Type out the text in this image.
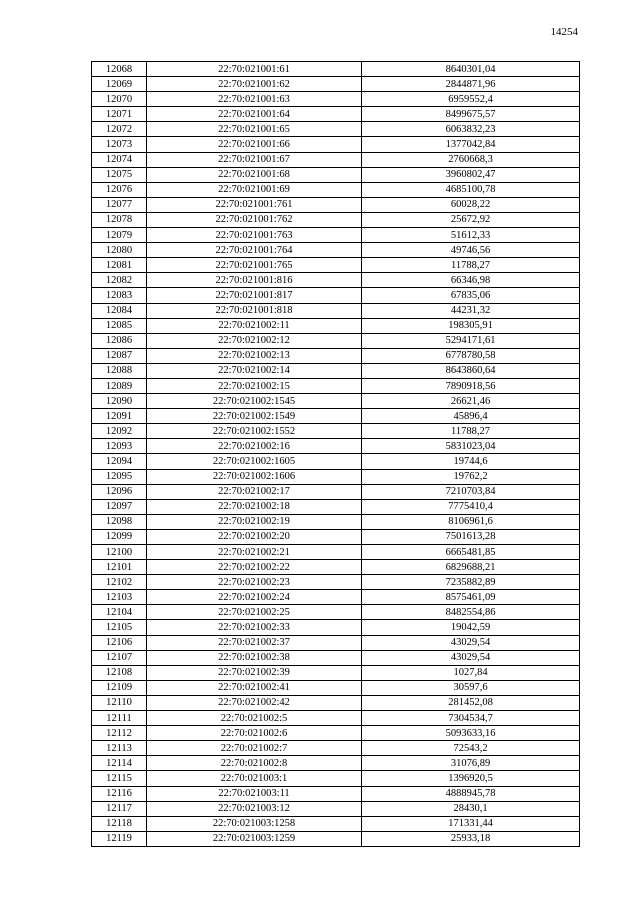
14254
12068	22:70:021001:61	8640301,04
12069	22:70:021001:62	2844871,96
12070	22:70:021001:63	6959552,4
12071	22:70:021001:64	8499675,57
12072	22:70:021001:65	6063832,23
12073	22:70:021001:66	1377042,84
12074	22:70:021001:67	2760668,3
12075	22:70:021001:68	3960802,47
12076	22:70:021001:69	4685100,78
12077	22:70:021001:761	60028,22
12078	22:70:021001:762	25672,92
12079	22:70:021001:763	51612,33
12080	22:70:021001:764	49746,56
12081	22:70:021001:765	11788,27
12082	22:70:021001:816	66346,98
12083	22:70:021001:817	67835,06
12084	22:70:021001:818	44231,32
12085	22:70:021002:11	198305,91
12086	22:70:021002:12	5294171,61
12087	22:70:021002:13	6778780,58
12088	22:70:021002:14	8643860,64
12089	22:70:021002:15	7890918,56
12090	22:70:021002:1545	26621,46
12091	22:70:021002:1549	45896,4
12092	22:70:021002:1552	11788,27
12093	22:70:021002:16	5831023,04
12094	22:70:021002:1605	19744,6
12095	22:70:021002:1606	19762,2
12096	22:70:021002:17	7210703,84
12097	22:70:021002:18	7775410,4
12098	22:70:021002:19	8106961,6
12099	22:70:021002:20	7501613,28
12100	22:70:021002:21	6665481,85
12101	22:70:021002:22	6829688,21
12102	22:70:021002:23	7235882,89
12103	22:70:021002:24	8575461,09
12104	22:70:021002:25	8482554,86
12105	22:70:021002:33	19042,59
12106	22:70:021002:37	43029,54
12107	22:70:021002:38	43029,54
12108	22:70:021002:39	1027,84
12109	22:70:021002:41	30597,6
12110	22:70:021002:42	281452,08
12111	22:70:021002:5	7304534,7
12112	22:70:021002:6	5093633,16
12113	22:70:021002:7	72543,2
12114	22:70:021002:8	31076,89
12115	22:70:021003:1	1396920,5
12116	22:70:021003:11	4888945,78
12117	22:70:021003:12	28430,1
12118	22:70:021003:1258	171331,44
12119	22:70:021003:1259	25933,18
